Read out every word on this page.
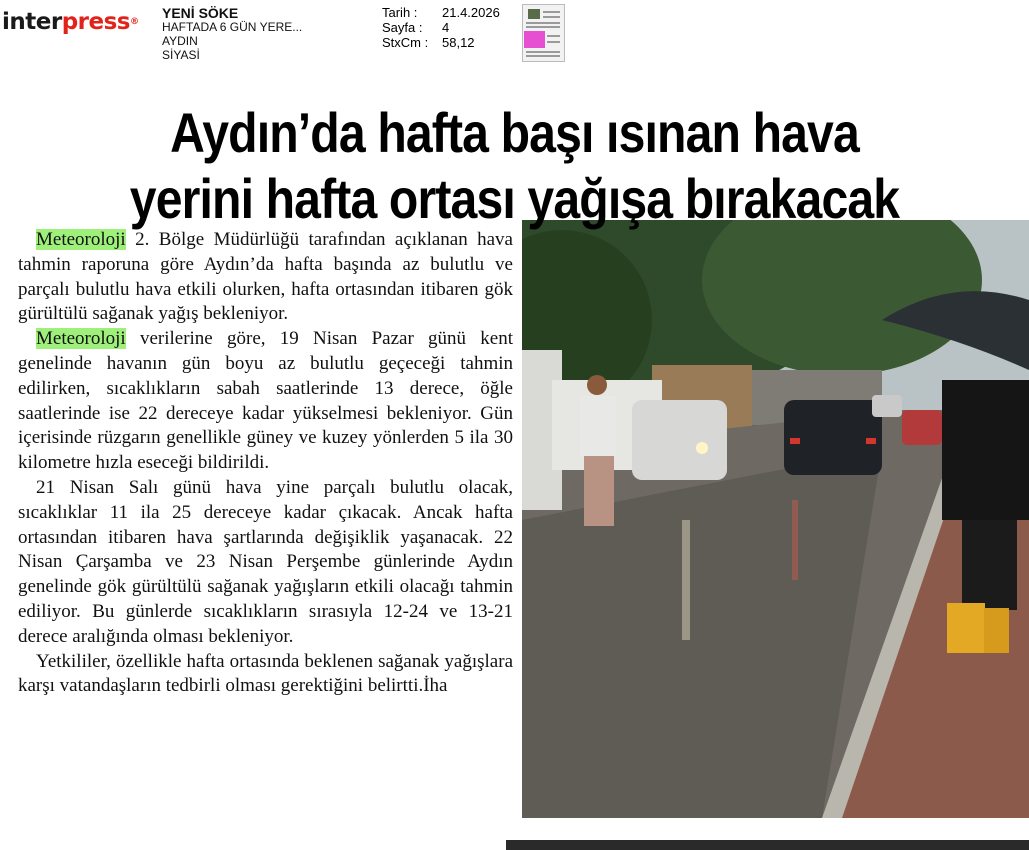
interpress®
YENİ SÖKE
HAFTADA 6 GÜN YERE...
AYDIN
SİYASİ
Tarih :
Sayfa :
StxCm :
21.4.2026
4
58,12
Aydın’da hafta başı ısınan hava
yerini hafta ortası yağışa bırakacak

Meteoroloji 2. Bölge Müdürlüğü tarafından açıklanan hava tahmin raporuna göre Aydın’da hafta başında az bulutlu ve parçalı bulutlu hava etkili olurken, hafta ortasından itibaren gök gürültülü sağanak yağış bekleniyor.

Meteoroloji verilerine göre, 19 Nisan Pazar günü kent genelinde havanın gün boyu az bulutlu geçeceği tahmin edilirken, sıcaklıkların sabah saatlerinde 13 derece, öğle saatlerinde ise 22 dereceye kadar yükselmesi bekleniyor. Gün içerisinde rüzgarın genellikle güney ve kuzey yönlerden 5 ila 30 kilometre hızla eseceği bildirildi.

21 Nisan Salı günü hava yine parçalı bulutlu olacak, sıcaklıklar 11 ila 25 dereceye kadar çıkacak. Ancak hafta ortasından itibaren hava şartlarında değişiklik yaşanacak. 22 Nisan Çarşamba ve 23 Nisan Perşembe günlerinde Aydın genelinde gök gürültülü sağanak yağışların etkili olacağı tahmin ediliyor. Bu günlerde sıcaklıkların sırasıyla 12-24 ve 13-21 derece aralığında olması bekleniyor.

Yetkililer, özellikle hafta ortasında beklenen sağanak yağışlara karşı vatandaşların tedbirli olması gerektiğini belirtti.İha
